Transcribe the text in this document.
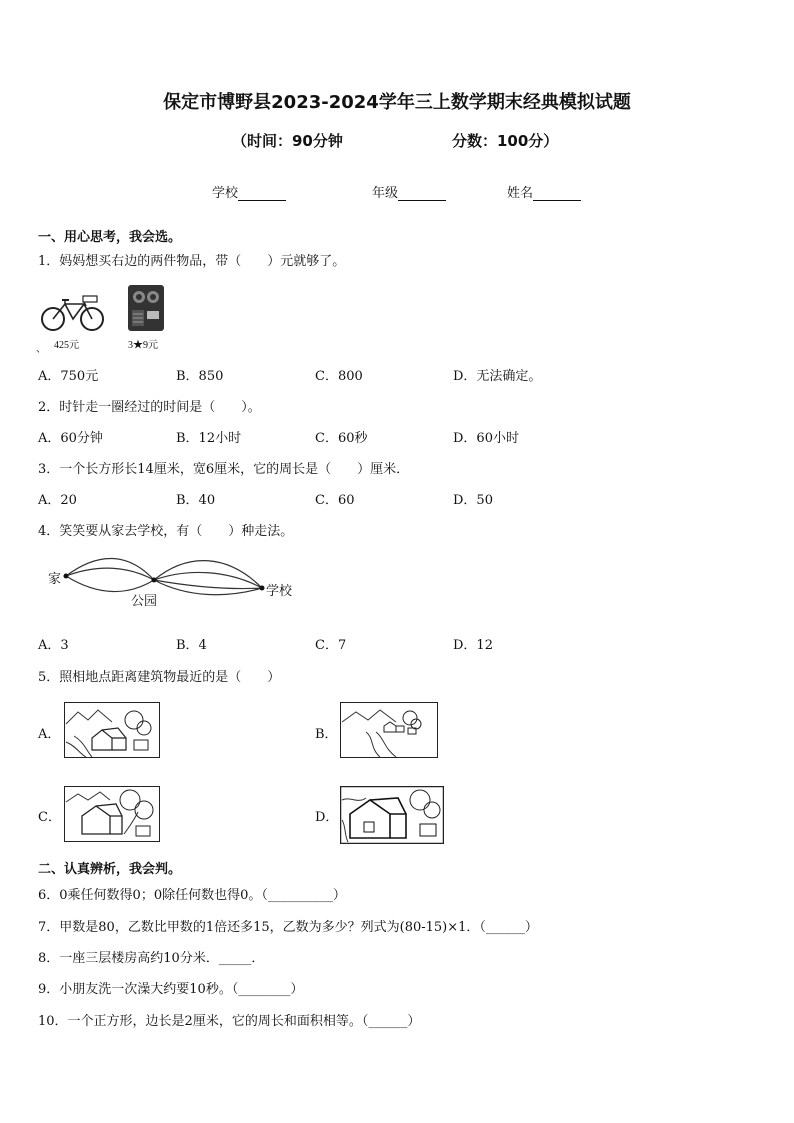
保定市博野县2023-2024学年三上数学期末经典模拟试题
（时间：90分钟	分数：100分）
学校	年级	姓名
一、用心思考，我会选。
1．妈妈想买右边的两件物品，带（　　）元就够了。
425元
、	3★9元
A．750元	B．850	C．800	D．无法确定。
2．时针走一圈经过的时间是（　　）。
A．60分钟	B．12小时	C．60秒	D．60小时
3．一个长方形长14厘米，宽6厘米，它的周长是（　　）厘米．
A．20	B．40	C．60	D．50
4．笑笑要从家去学校，有（　　）种走法。
家
公园
学校
A．3	B．4	C．7	D．12
5．照相地点距离建筑物最近的是（　　）
A．	B．
C．	D．
二、认真辨析，我会判。
6．0乘任何数得0；0除任何数也得0。（__________）
7．甲数是80，乙数比甲数的1倍还多15，乙数为多少？列式为(80-15)×1．（______）
8．一座三层楼房高约10分米．_____．
9．小朋友洗一次澡大约要10秒。（________）
10．一个正方形，边长是2厘米，它的周长和面积相等。（______）
